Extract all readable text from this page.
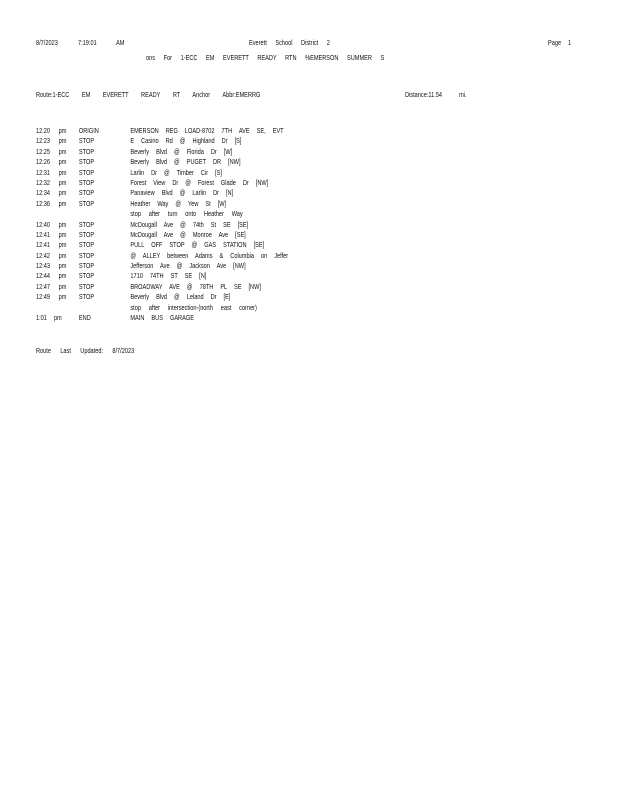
8/7/2023	7:19:01	AM	Everett School District 2	Page 1
ons For 1-ECC EM EVERETT READY RTN %EMERSON SUMMER S
Route:1-ECC EM EVERETT READY RT Anchor Abbr:EMERRG	Distance:11.54 mi.
12:20 pm ORIGIN	EMERSON REG LOAD-8702 7TH AVE SE, EVT
12:23 pm STOP	E Casino Rd @ Highland Dr [S]
12:25 pm STOP	Beverly Blvd @ Florida Dr [W]
12:26 pm STOP	Beverly Blvd @ PUGET DR [NW]
12:31 pm STOP	Larlin Dr @ Timber Cir [S]
12:32 pm STOP	Forest View Dr @ Forest Glade Dr [NW]
12:34 pm STOP	Panaview Blvd @ Larlin Dr [N]
12:36 pm STOP	Heather Way @ Yew St [W]
stop after turn onto Heather Way
12:40 pm STOP	McDougall Ave @ 74th St SE [SE]
12:41 pm STOP	McDougall Ave @ Monroe Ave [SE]
12:41 pm STOP	PULL OFF STOP @ GAS STATION [SE]
12:42 pm STOP	@ ALLEY between Adams & Columbia on Jeffer
12:43 pm STOP	Jefferson Ave @ Jackson Ave [NW]
12:44 pm STOP	1710 74TH ST SE [N]
12:47 pm STOP	BROADWAY AVE @ 78TH PL SE [NW]
12:49 pm STOP	Beverly Blvd @ Leland Dr [E]
stop after intersection-(north east corner)
1:01 pm END	MAIN BUS GARAGE
Route Last Updated: 8/7/2023
